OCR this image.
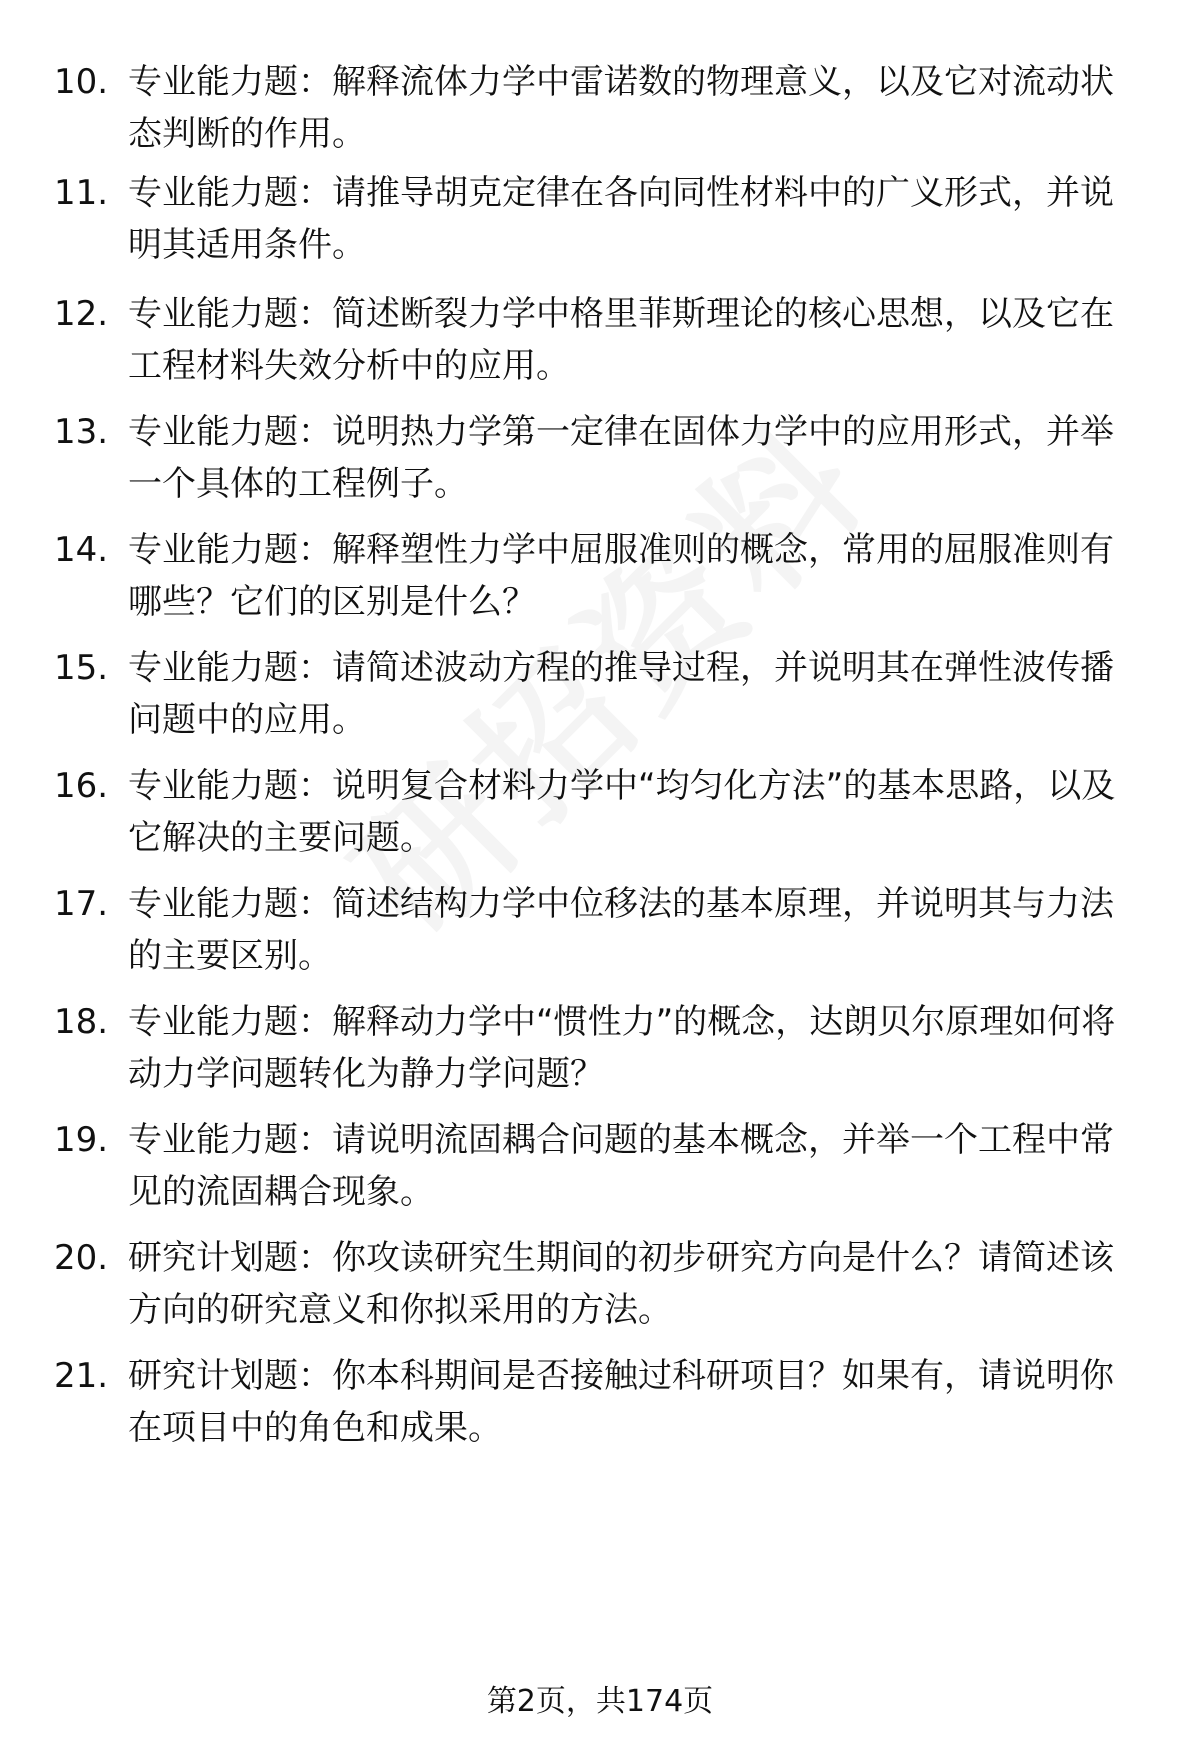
10. 专业能力题：解释流体力学中雷诺数的物理意义，以及它对流动状态判断的作用。
11. 专业能力题：请推导胡克定律在各向同性材料中的广义形式，并说明其适用条件。
12. 专业能力题：简述断裂力学中格里菲斯理论的核心思想，以及它在工程材料失效分析中的应用。
13. 专业能力题：说明热力学第一定律在固体力学中的应用形式，并举一个具体的工程例子。
14. 专业能力题：解释塑性力学中屈服准则的概念，常用的屈服准则有哪些？它们的区别是什么？
15. 专业能力题：请简述波动方程的推导过程，并说明其在弹性波传播问题中的应用。
16. 专业能力题：说明复合材料力学中“均匀化方法”的基本思路，以及它解决的主要问题。
17. 专业能力题：简述结构力学中位移法的基本原理，并说明其与力法的主要区别。
18. 专业能力题：解释动力学中“惯性力”的概念，达朗贝尔原理如何将动力学问题转化为静力学问题？
19. 专业能力题：请说明流固耦合问题的基本概念，并举一个工程中常见的流固耦合现象。
20. 研究计划题：你攻读研究生期间的初步研究方向是什么？请简述该方向的研究意义和你拟采用的方法。
21. 研究计划题：你本科期间是否接触过科研项目？如果有，请说明你在项目中的角色和成果。
第2页，共174页
